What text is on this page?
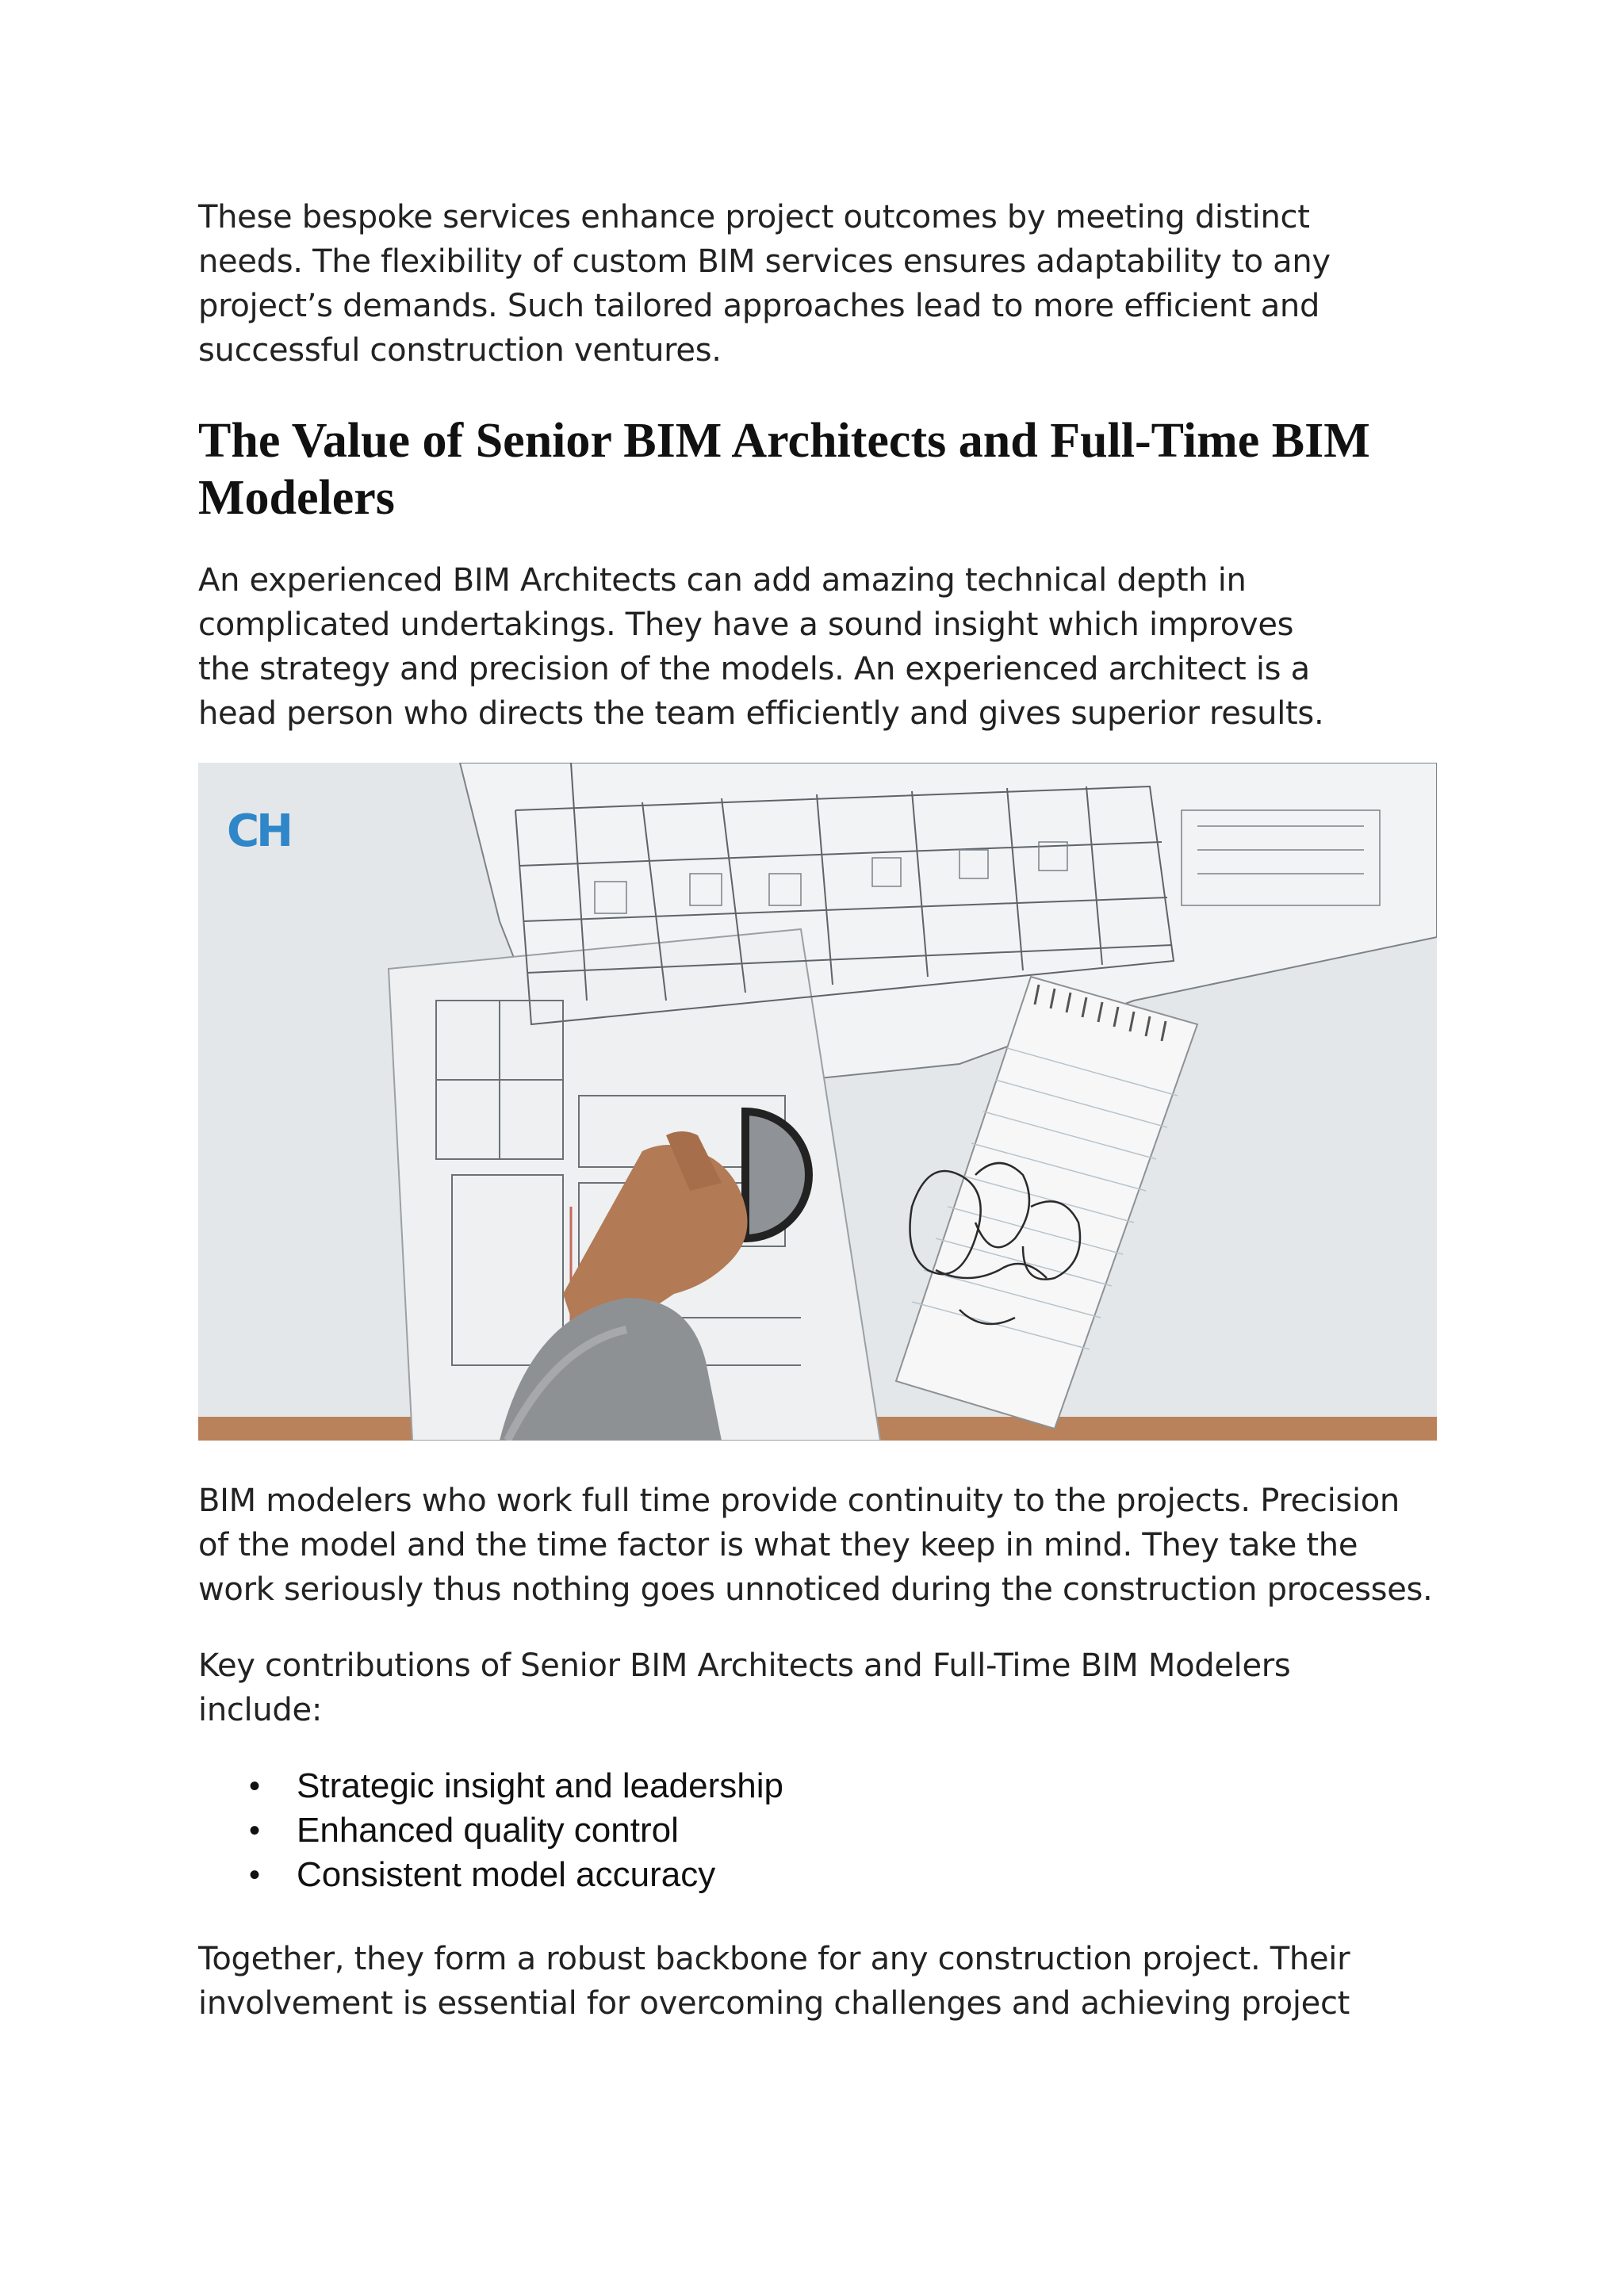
These bespoke services enhance project outcomes by meeting distinct needs. The flexibility of custom BIM services ensures adaptability to any project’s demands. Such tailored approaches lead to more efficient and successful construction ventures.

The Value of Senior BIM Architects and Full-Time BIM Modelers

An experienced BIM Architects can add amazing technical depth in complicated undertakings. They have a sound insight which improves the strategy and precision of the models. An experienced architect is a head person who directs the team efficiently and gives superior results.

CH

BIM modelers who work full time provide continuity to the projects. Precision of the model and the time factor is what they keep in mind. They take the work seriously thus nothing goes unnoticed during the construction processes.

Key contributions of Senior BIM Architects and Full-Time BIM Modelers include:

• Strategic insight and leadership
• Enhanced quality control
• Consistent model accuracy

Together, they form a robust backbone for any construction project. Their involvement is essential for overcoming challenges and achieving project
